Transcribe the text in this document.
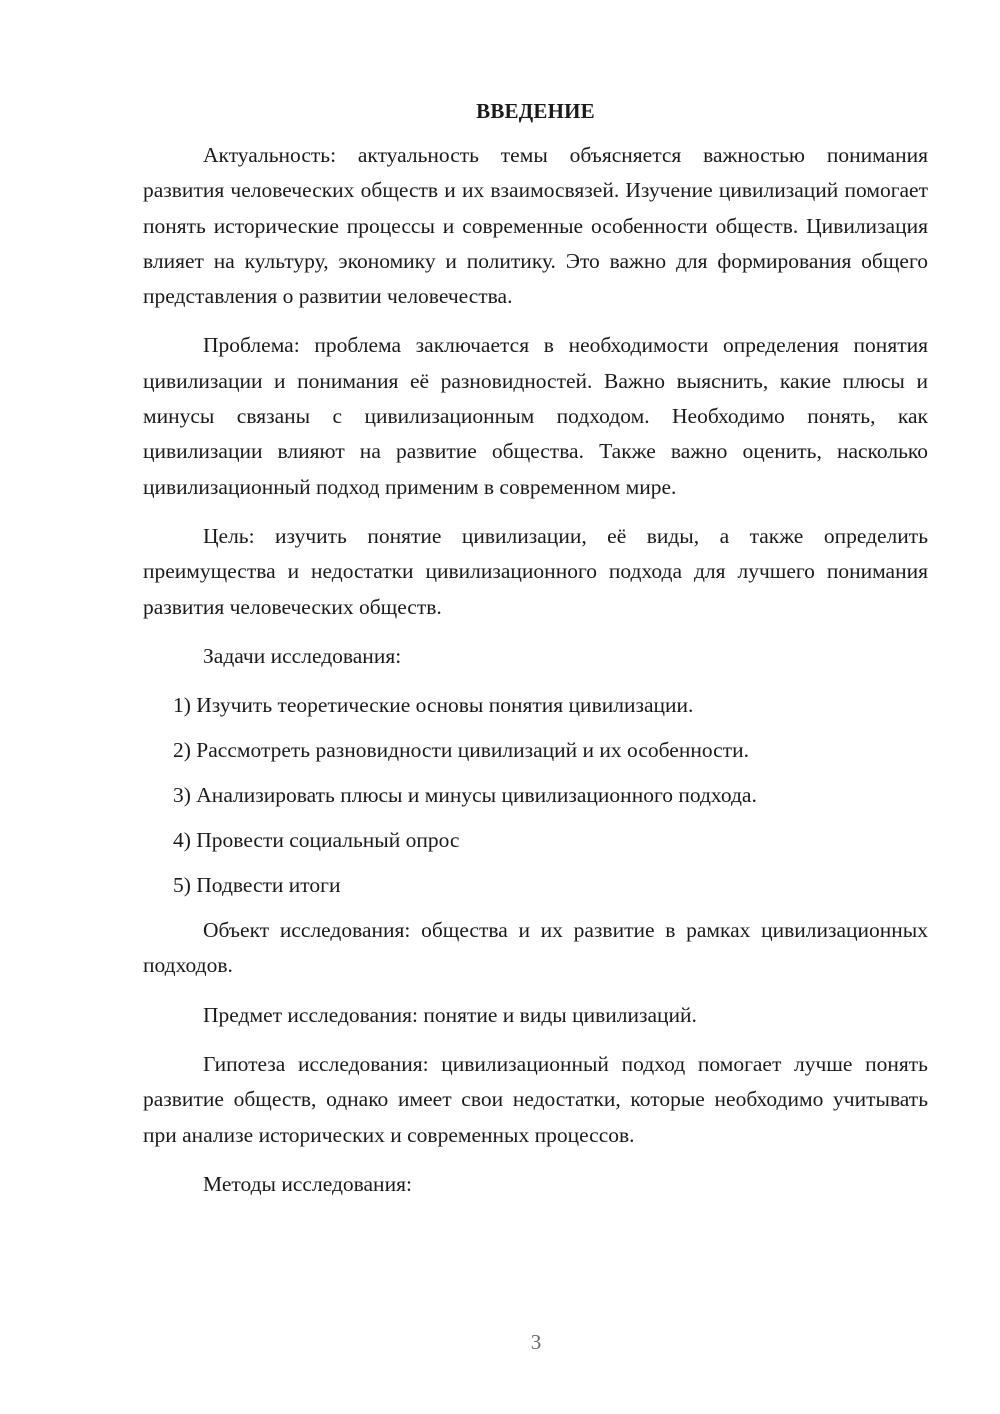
ВВЕДЕНИЕ

Актуальность: актуальность темы объясняется важностью понимания развития человеческих обществ и их взаимосвязей. Изучение цивилизаций помогает понять исторические процессы и современные особенности обществ. Цивилизация влияет на культуру, экономику и политику. Это важно для формирования общего представления о развитии человечества.

Проблема: проблема заключается в необходимости определения понятия цивилизации и понимания её разновидностей. Важно выяснить, какие плюсы и минусы связаны с цивилизационным подходом. Необходимо понять, как цивилизации влияют на развитие общества. Также важно оценить, насколько цивилизационный подход применим в современном мире.

Цель: изучить понятие цивилизации, её виды, а также определить преимущества и недостатки цивилизационного подхода для лучшего понимания развития человеческих обществ.

Задачи исследования:

1) Изучить теоретические основы понятия цивилизации.
2) Рассмотреть разновидности цивилизаций и их особенности.
3) Анализировать плюсы и минусы цивилизационного подхода.
4) Провести социальный опрос
5) Подвести итоги

Объект исследования: общества и их развитие в рамках цивилизационных подходов.

Предмет исследования: понятие и виды цивилизаций.

Гипотеза исследования: цивилизационный подход помогает лучше понять развитие обществ, однако имеет свои недостатки, которые необходимо учитывать при анализе исторических и современных процессов.

Методы исследования:

3
